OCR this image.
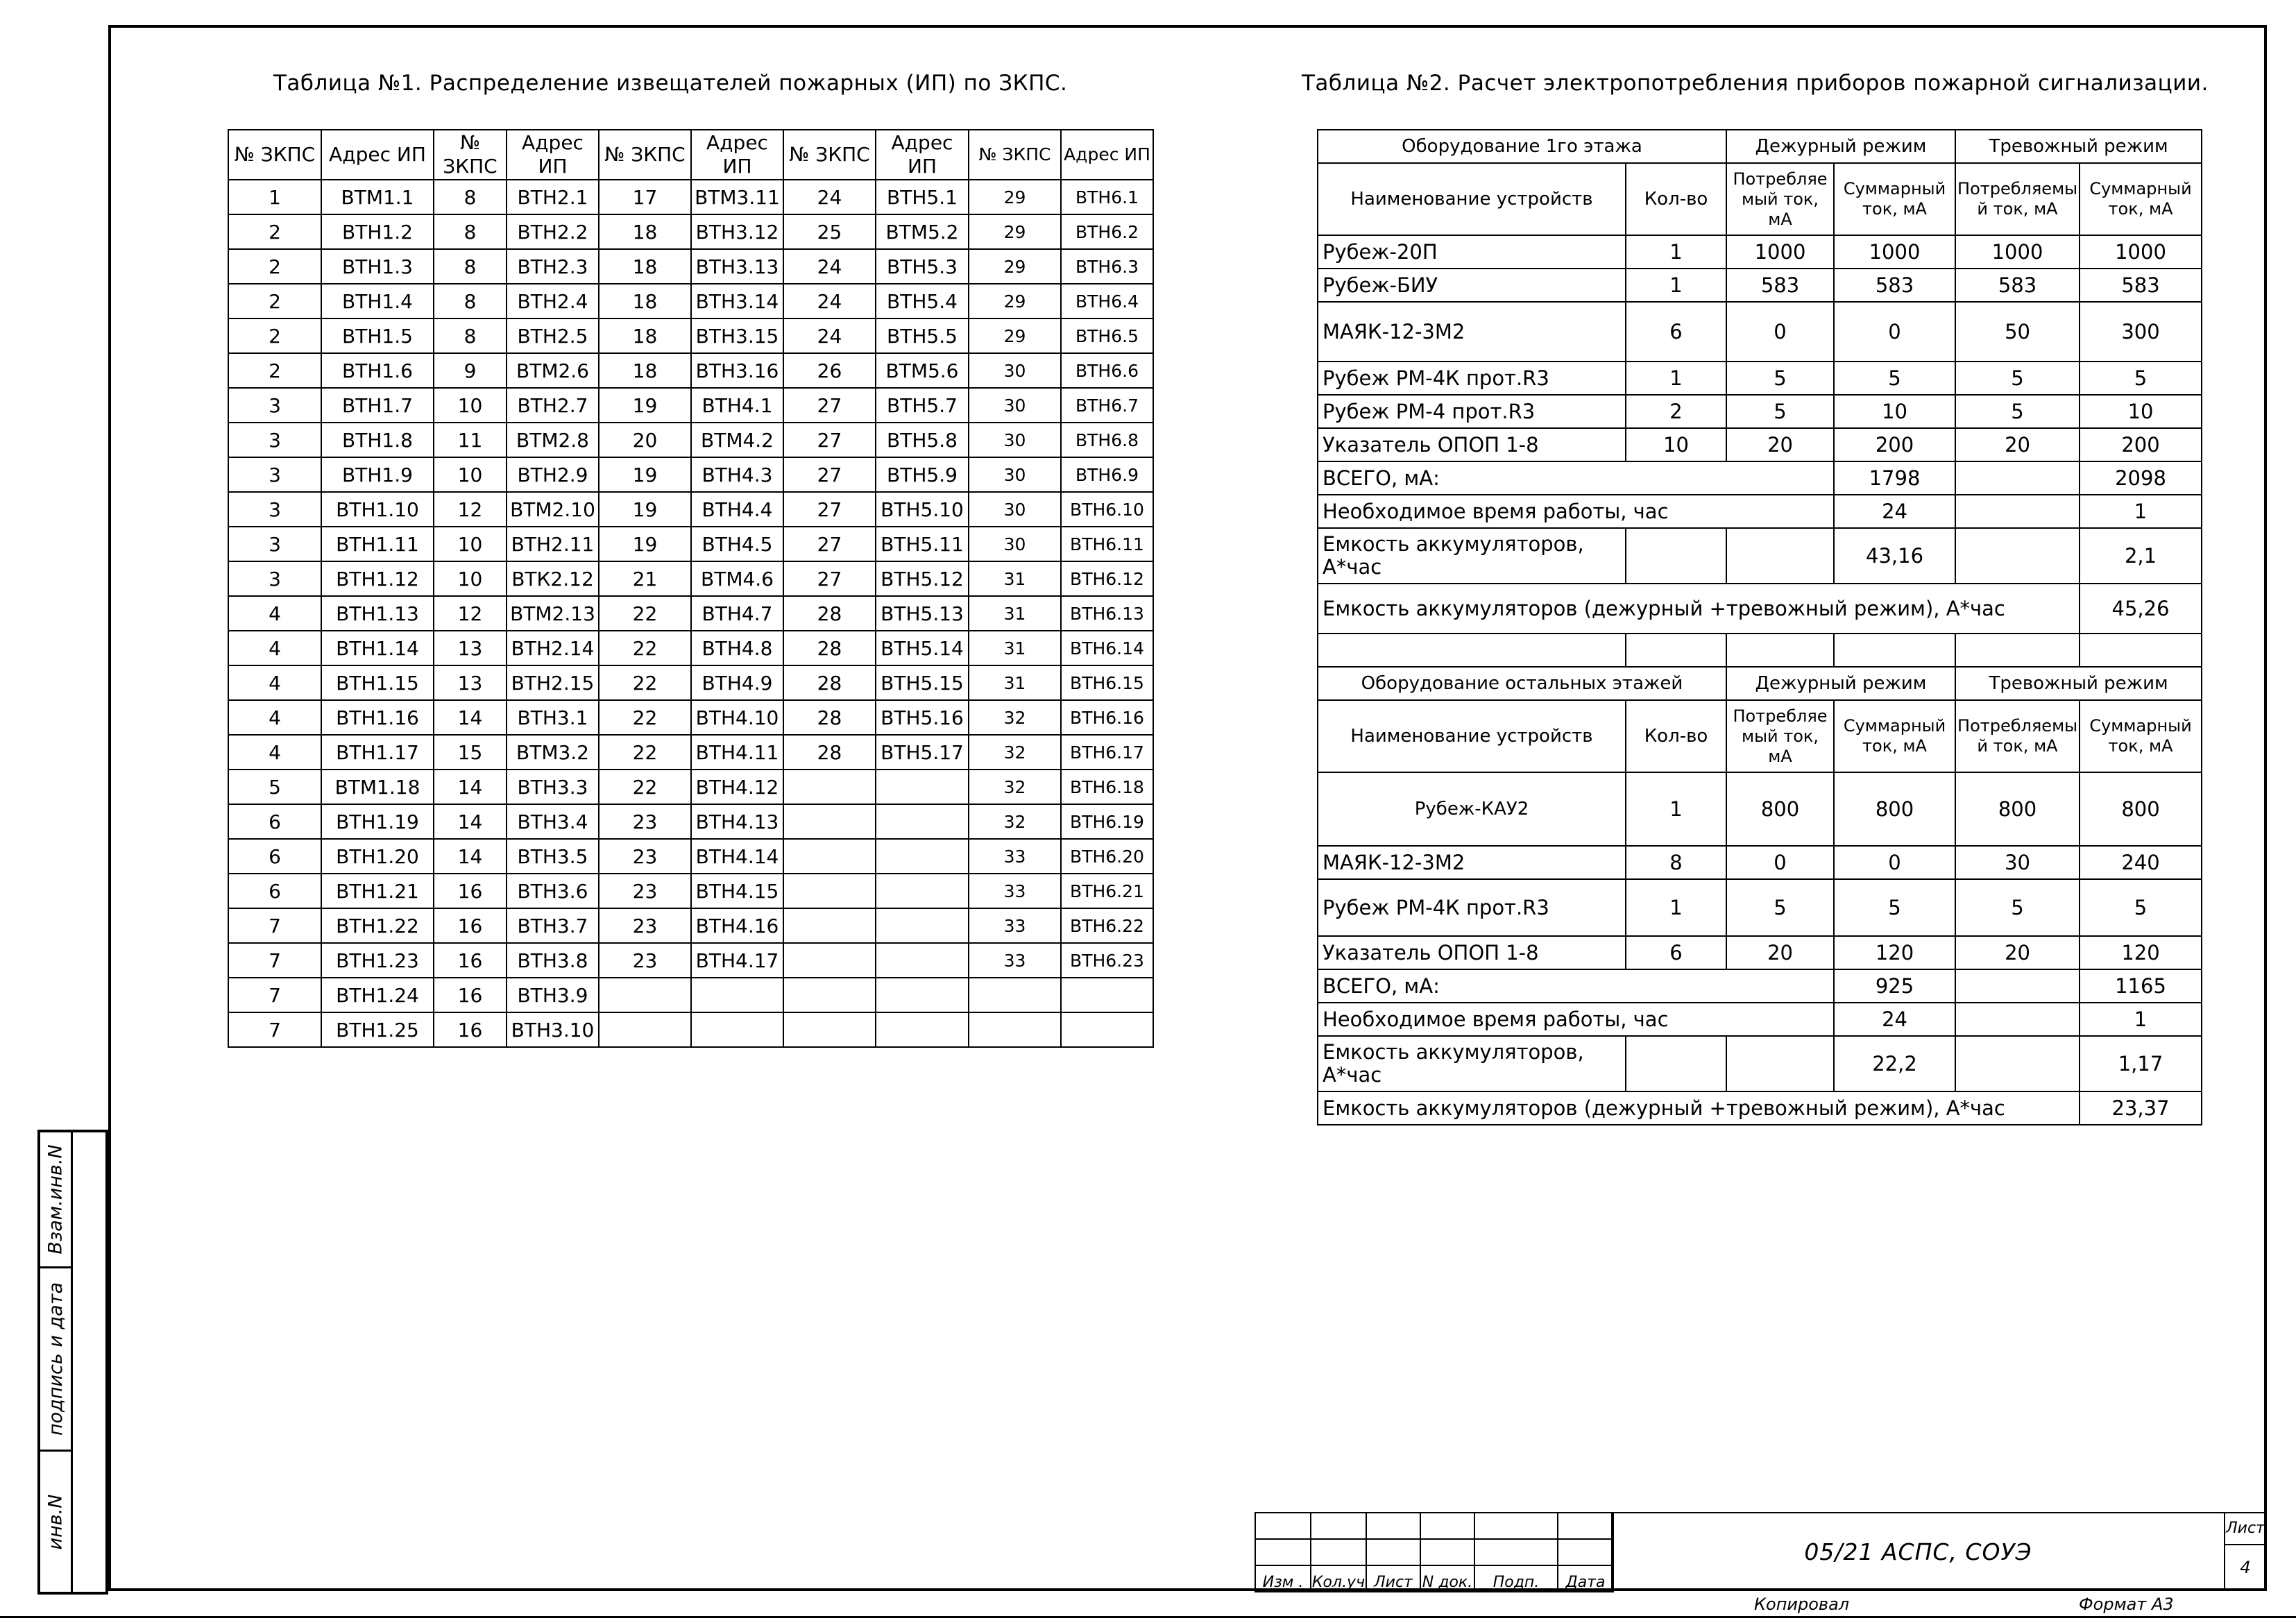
Таблица №1. Распределение извещателей пожарных (ИП) по ЗКПС.
№ ЗКПС	Адрес ИП	№ ЗКПС	Адрес ИП	№ ЗКПС	Адрес ИП	№ ЗКПС	Адрес ИП	№ ЗКПС	Адрес ИП
1	ВТМ1.1	8	ВТН2.1	17	ВТМ3.11	24	ВТН5.1	29	ВТН6.1
2	ВТН1.2	8	ВТН2.2	18	ВТН3.12	25	ВТМ5.2	29	ВТН6.2
2	ВТН1.3	8	ВТН2.3	18	ВТН3.13	24	ВТН5.3	29	ВТН6.3
2	ВТН1.4	8	ВТН2.4	18	ВТН3.14	24	ВТН5.4	29	ВТН6.4
2	ВТН1.5	8	ВТН2.5	18	ВТН3.15	24	ВТН5.5	29	ВТН6.5
2	ВТН1.6	9	ВТМ2.6	18	ВТН3.16	26	ВТМ5.6	30	ВТН6.6
3	ВТН1.7	10	ВТН2.7	19	ВТН4.1	27	ВТН5.7	30	ВТН6.7
3	ВТН1.8	11	ВТМ2.8	20	ВТМ4.2	27	ВТН5.8	30	ВТН6.8
3	ВТН1.9	10	ВТН2.9	19	ВТН4.3	27	ВТН5.9	30	ВТН6.9
3	ВТН1.10	12	ВТМ2.10	19	ВТН4.4	27	ВТН5.10	30	ВТН6.10
3	ВТН1.11	10	ВТН2.11	19	ВТН4.5	27	ВТН5.11	30	ВТН6.11
3	ВТН1.12	10	ВТК2.12	21	ВТМ4.6	27	ВТН5.12	31	ВТН6.12
4	ВТН1.13	12	ВТМ2.13	22	ВТН4.7	28	ВТН5.13	31	ВТН6.13
4	ВТН1.14	13	ВТН2.14	22	ВТН4.8	28	ВТН5.14	31	ВТН6.14
4	ВТН1.15	13	ВТН2.15	22	ВТН4.9	28	ВТН5.15	31	ВТН6.15
4	ВТН1.16	14	ВТН3.1	22	ВТН4.10	28	ВТН5.16	32	ВТН6.16
4	ВТН1.17	15	ВТМ3.2	22	ВТН4.11	28	ВТН5.17	32	ВТН6.17
5	ВТМ1.18	14	ВТН3.3	22	ВТН4.12			32	ВТН6.18
6	ВТН1.19	14	ВТН3.4	23	ВТН4.13			32	ВТН6.19
6	ВТН1.20	14	ВТН3.5	23	ВТН4.14			33	ВТН6.20
6	ВТН1.21	16	ВТН3.6	23	ВТН4.15			33	ВТН6.21
7	ВТН1.22	16	ВТН3.7	23	ВТН4.16			33	ВТН6.22
7	ВТН1.23	16	ВТН3.8	23	ВТН4.17			33	ВТН6.23
7	ВТН1.24	16	ВТН3.9						
7	ВТН1.25	16	ВТН3.10						
Таблица №2. Расчет электропотребления приборов пожарной сигнализации.
Оборудование 1го этажа		Дежурный режим		Тревожный режим	
Наименование устройств	Кол-во	Потребляе мый ток, мА	Суммарный ток, мА	Потребляемы й ток, мА	Суммарный ток, мА
Рубеж-20П	1	1000	1000	1000	1000
Рубеж-БИУ	1	583	583	583	583
МАЯК-12-3М2	6	0	0	50	300
Рубеж РМ-4К прот.R3	1	5	5	5	5
Рубеж РМ-4 прот.R3	2	5	10	5	10
Указатель ОПОП 1-8	10	20	200	20	200
ВСЕГО, мА:			1798		2098
Необходимое время работы, час			24		1
Емкость аккумуляторов, А*час			43,16		2,1
Емкость аккумуляторов (дежурный +тревожный режим), А*час					45,26

Оборудование остальных этажей		Дежурный режим		Тревожный режим	
Наименование устройств	Кол-во	Потребляе мый ток, мА	Суммарный ток, мА	Потребляемы й ток, мА	Суммарный ток, мА
Рубеж-КАУ2	1	800	800	800	800
МАЯК-12-3М2	8	0	0	30	240
Рубеж РМ-4К прот.R3	1	5	5	5	5
Указатель ОПОП 1-8	6	20	120	20	120
ВСЕГО, мА:			925		1165
Необходимое время работы, час			24		1
Емкость аккумуляторов, А*час			22,2		1,17
Емкость аккумуляторов (дежурный +тревожный режим), А*час					23,37
Взам.инв.N
подпись и дата
инв.N

Изм .	Кол.уч	Лист	N док.	Подп.	Дата
05/21 АСПС, СОУЭ
Лист
4
Копировал	Формат А3
